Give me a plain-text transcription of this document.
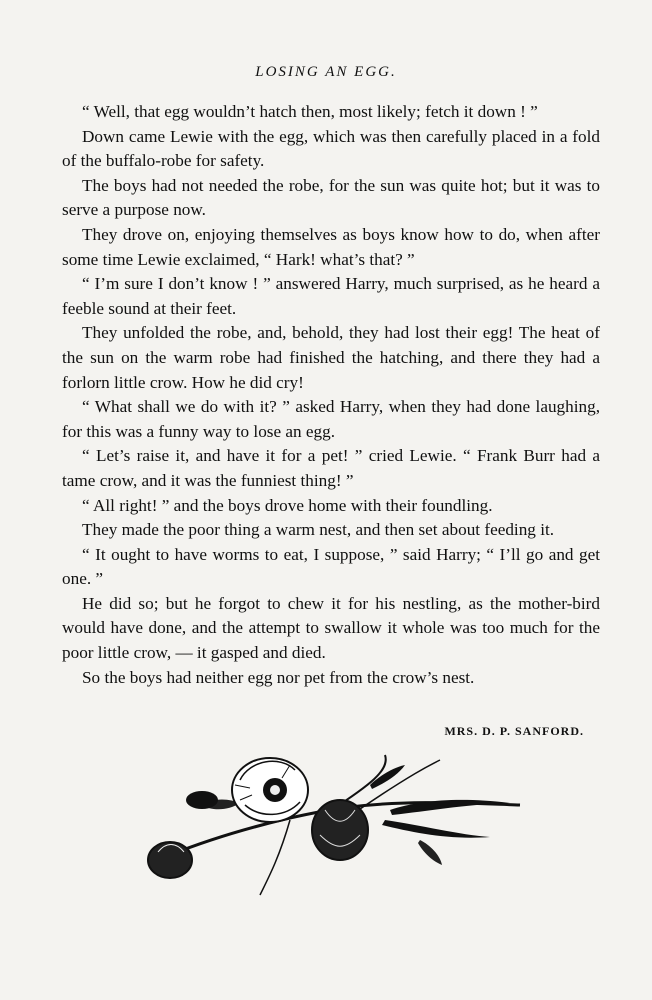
LOSING AN EGG.

“ Well, that egg wouldn’t hatch then, most likely; fetch it down ! ”

Down came Lewie with the egg, which was then carefully placed in a fold of the buffalo-robe for safety.

The boys had not needed the robe, for the sun was quite hot; but it was to serve a purpose now.

They drove on, enjoying themselves as boys know how to do, when after some time Lewie exclaimed, “ Hark! what’s that? ”

“ I’m sure I don’t know ! ” answered Harry, much surprised, as he heard a feeble sound at their feet.

They unfolded the robe, and, behold, they had lost their egg! The heat of the sun on the warm robe had finished the hatching, and there they had a forlorn little crow. How he did cry!

“ What shall we do with it? ” asked Harry, when they had done laughing, for this was a funny way to lose an egg.

“ Let’s raise it, and have it for a pet! ” cried Lewie. “ Frank Burr had a tame crow, and it was the funniest thing! ”

“ All right! ” and the boys drove home with their foundling.

They made the poor thing a warm nest, and then set about feeding it.

“ It ought to have worms to eat, I suppose, ” said Harry; “ I’ll go and get one. ”

He did so; but he forgot to chew it for his nestling, as the mother-bird would have done, and the attempt to swallow it whole was too much for the poor little crow, — it gasped and died.

So the boys had neither egg nor pet from the crow’s nest.

MRS. D. P. SANFORD.
